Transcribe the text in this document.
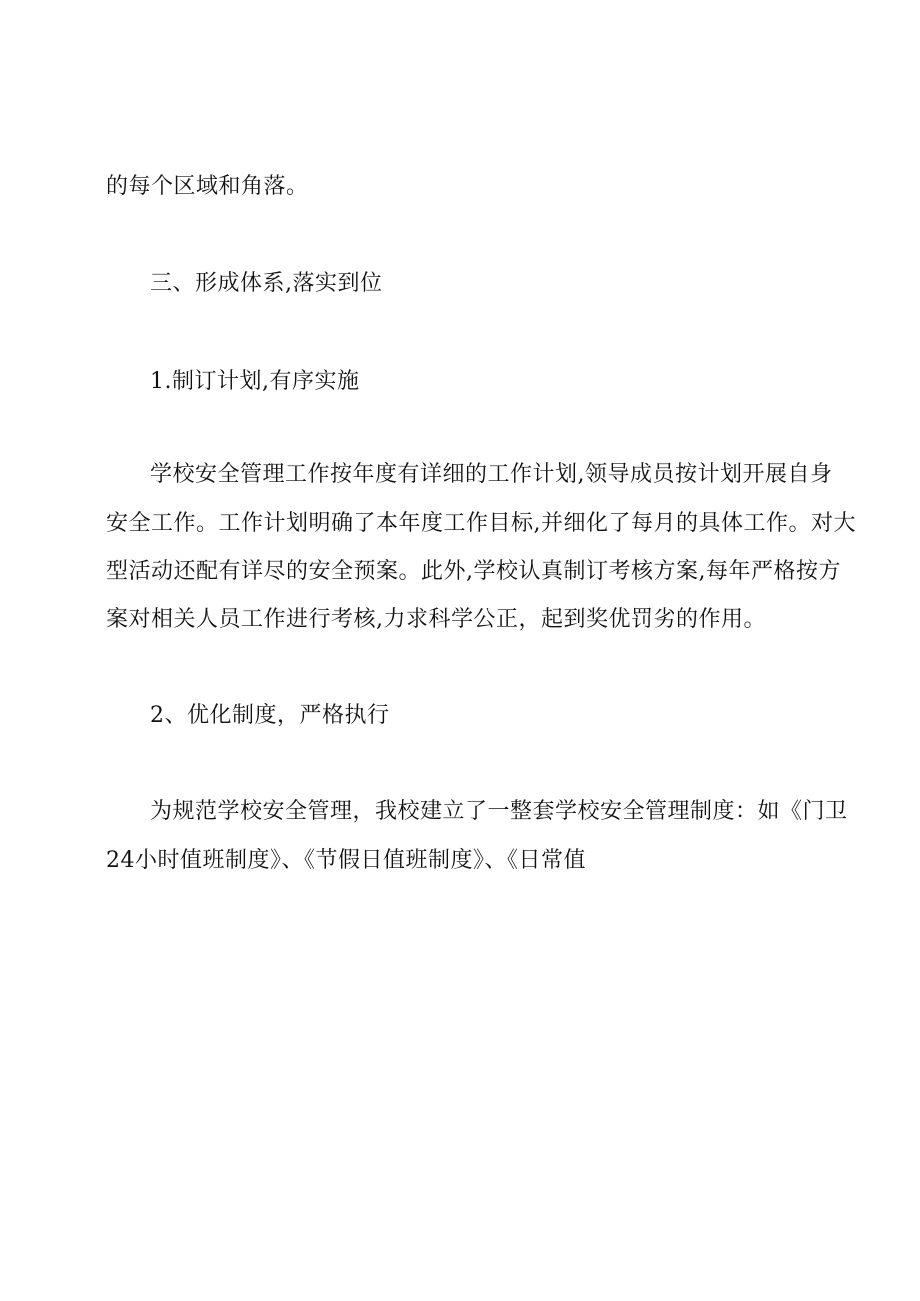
的每个区域和角落。

三、形成体系,落实到位

1.制订计划,有序实施

学校安全管理工作按年度有详细的工作计划,领导成员按计划开展自身

安全工作。工作计划明确了本年度工作目标,并细化了每月的具体工作。对大

型活动还配有详尽的安全预案。此外,学校认真制订考核方案,每年严格按方

案对相关人员工作进行考核,力求科学公正，起到奖优罚劣的作用。

2、优化制度，严格执行

为规范学校安全管理，我校建立了一整套学校安全管理制度：如《门卫

24小时值班制度》、《节假日值班制度》、《日常值
